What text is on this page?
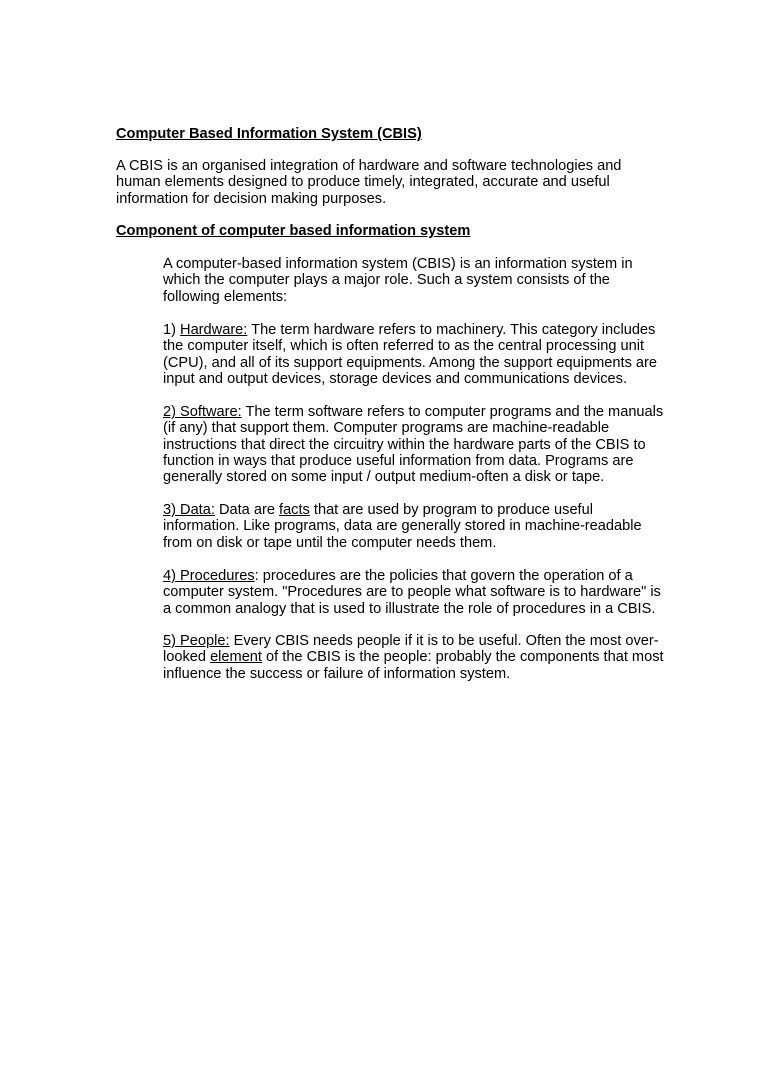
Computer Based Information System (CBIS)
A CBIS is an organised integration of hardware and software technologies and
human elements designed to produce timely, integrated, accurate and useful
information for decision making purposes.
Component of computer based information system
A computer-based information system (CBIS) is an information system in
which the computer plays a major role. Such a system consists of the
following elements:
1) Hardware: The term hardware refers to machinery. This category includes
the computer itself, which is often referred to as the central processing unit
(CPU), and all of its support equipments. Among the support equipments are
input and output devices, storage devices and communications devices.
2) Software: The term software refers to computer programs and the manuals
(if any) that support them. Computer programs are machine-readable
instructions that direct the circuitry within the hardware parts of the CBIS to
function in ways that produce useful information from data. Programs are
generally stored on some input / output medium-often a disk or tape.
3) Data: Data are facts that are used by program to produce useful
information. Like programs, data are generally stored in machine-readable
from on disk or tape until the computer needs them.
4) Procedures: procedures are the policies that govern the operation of a
computer system. "Procedures are to people what software is to hardware" is
a common analogy that is used to illustrate the role of procedures in a CBIS.
5) People: Every CBIS needs people if it is to be useful. Often the most over-
looked element of the CBIS is the people: probably the components that most
influence the success or failure of information system.
